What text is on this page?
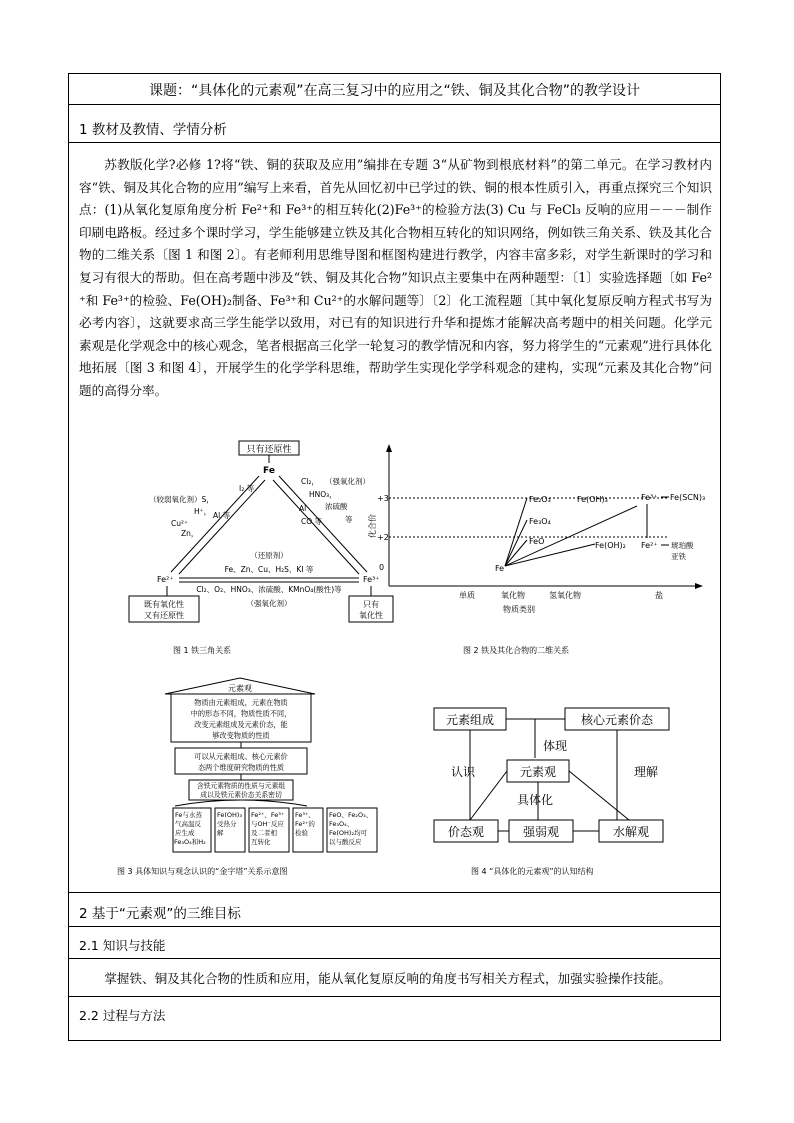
课题：“具体化的元素观”在高三复习中的应用之“铁、铜及其化合物”的教学设计
1 教材及教情、学情分析
苏教版化学?必修 1?将“铁、铜的获取及应用”编排在专题 3“从矿物到根底材料”的第二单元。在学习教材内容“铁、铜及其化合物的应用”编写上来看，首先从回忆初中已学过的铁、铜的根本性质引入，再重点探究三个知识点：(1)从氧化复原角度分析 Fe²⁺和 Fe³⁺的相互转化(2)Fe³⁺的检验方法(3) Cu 与 FeCl₃ 反响的应用－－－制作印刷电路板。经过多个课时学习，学生能够建立铁及其化合物相互转化的知识网络，例如铁三角关系、铁及其化合物的二维关系〔图 1 和图 2〕。有老师利用思维导图和框图构建进行教学，内容丰富多彩，对学生新课时的学习和复习有很大的帮助。但在高考题中涉及“铁、铜及其化合物”知识点主要集中在两种题型：〔1〕实验选择题〔如 Fe²⁺和 Fe³⁺的检验、Fe(OH)₂制备、Fe³⁺和 Cu²⁺的水解问题等〕〔2〕化工流程题〔其中氧化复原反响方程式书写为必考内容〕，这就要求高三学生能学以致用，对已有的知识进行升华和提炼才能解决高考题中的相关问题。化学元素观是化学观念中的核心观念，笔者根据高三化学一轮复习的教学情况和内容，努力将学生的“元素观”进行具体化地拓展〔图 3 和图 4〕，开展学生的化学学科思维，帮助学生实现化学学科观念的建构，实现“元素及其化合物”问题的高得分率。
只有还原性
Fe
I₂ 等
（较弱氧化剂）S，
H⁺，
Cu²⁺
Zn，
Al 等
Cl₂， （强氧化剂）
HNO₃，
Al	浓硫酸
CO 等	等
（还原剂）
Fe、Zn、Cu、H₂S、KI 等
Fe²⁺	Fe³⁺
Cl₂、O₂、HNO₃、浓硫酸、KMnO₄(酸性)等
（强氧化剂）
既有氧化性
又有还原性
只有
氧化性
图 1 铁三角关系
化合价
+3
+2
0
单质	氧化物	氢氧化物	盐
物质类别
Fe
Fe₂O₃
Fe₃O₄
FeO
Fe(OH)₃
Fe(OH)₂
Fe³⁺
Fe²⁺
Fe(SCN)₃
琥珀酸
亚铁
图 2 铁及其化合物的二维关系
元素观
物质由元素组成，元素在物质
中的形态不同，物质性质不同，
改变元素组成及元素价态，能
够改变物质的性质
可以从元素组成、核心元素价
态两个维度研究物质的性质
含铁元素物质的性质与元素组
成以及铁元素价态关系密切
Fe与水蒸
气高温反
应生成
Fe₃O₄和H₂
Fe(OH)₃
受热分
解
Fe²⁺、Fe³⁺
与OH⁻反应
及二者相
互转化
Fe³⁺、
Fe²⁺的
检验
FeO、Fe₂O₃、
Fe₃O₄、
Fe(OH)₂均可
以与酸反应
图 3 具体知识与观念认识的“金字塔”关系示意图
元素组成	核心元素价态
体现
元素观
认识	理解
具体化
价态观	强弱观	水解观
图 4 “具体化的元素观”的认知结构
2 基于“元素观”的三维目标
2.1 知识与技能
掌握铁、铜及其化合物的性质和应用，能从氧化复原反响的角度书写相关方程式，加强实验操作技能。
2.2 过程与方法
